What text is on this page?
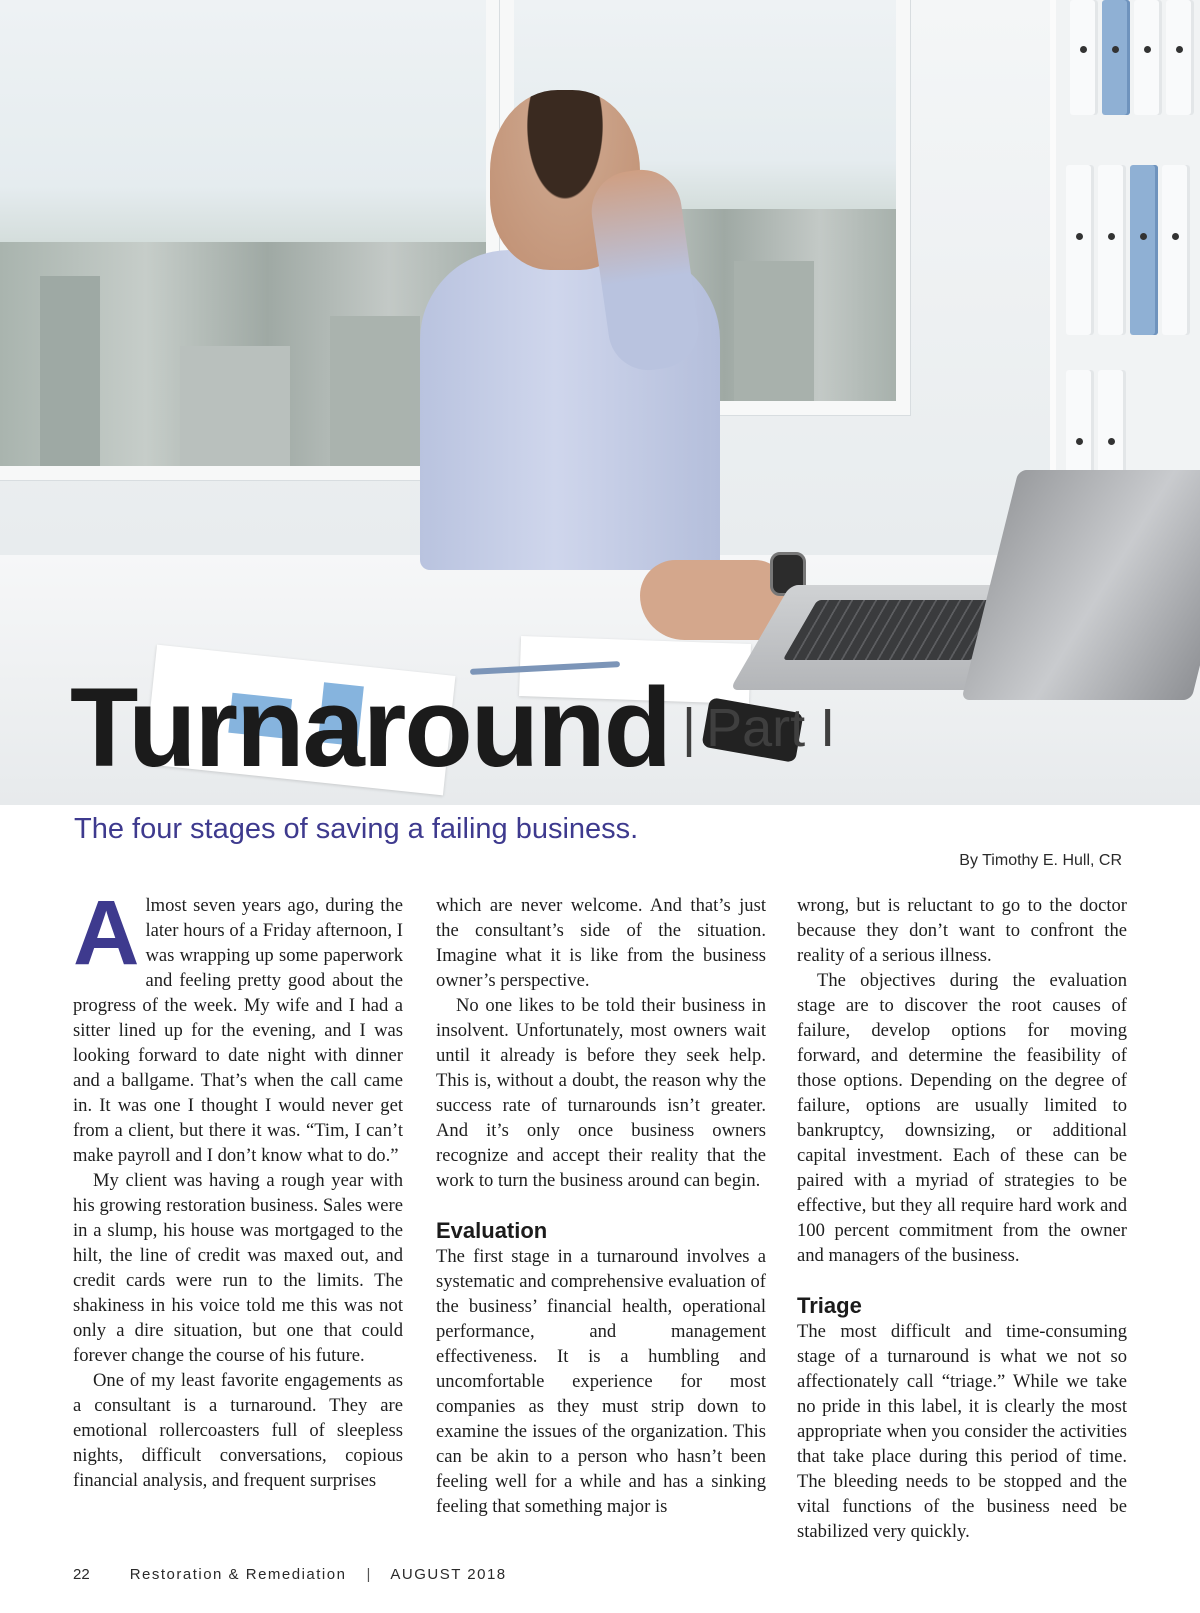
Turnaround | Part I
The four stages of saving a failing business.
By Timothy E. Hull, CR

Almost seven years ago, during the later hours of a Friday afternoon, I was wrapping up some paperwork and feeling pretty good about the progress of the week. My wife and I had a sitter lined up for the evening, and I was looking forward to date night with dinner and a ballgame. That’s when the call came in. It was one I thought I would never get from a client, but there it was. “Tim, I can’t make payroll and I don’t know what to do.”

My client was having a rough year with his growing restoration business. Sales were in a slump, his house was mortgaged to the hilt, the line of credit was maxed out, and credit cards were run to the limits. The shakiness in his voice told me this was not only a dire situation, but one that could forever change the course of his future.

One of my least favorite engagements as a consultant is a turnaround. They are emotional rollercoasters full of sleepless nights, difficult conversations, copious financial analysis, and frequent surprises

which are never welcome. And that’s just the consultant’s side of the situation. Imagine what it is like from the business owner’s perspective.

No one likes to be told their business in insolvent. Unfortunately, most owners wait until it already is before they seek help. This is, without a doubt, the reason why the success rate of turnarounds isn’t greater. And it’s only once business owners recognize and accept their reality that the work to turn the business around can begin.

Evaluation

The first stage in a turnaround involves a systematic and comprehensive evaluation of the business’ financial health, operational performance, and management effectiveness. It is a humbling and uncomfortable experience for most companies as they must strip down to examine the issues of the organization. This can be akin to a person who hasn’t been feeling well for a while and has a sinking feeling that something major is

wrong, but is reluctant to go to the doctor because they don’t want to confront the reality of a serious illness.

The objectives during the evaluation stage are to discover the root causes of failure, develop options for moving forward, and determine the feasibility of those options. Depending on the degree of failure, options are usually limited to bankruptcy, downsizing, or additional capital investment. Each of these can be paired with a myriad of strategies to be effective, but they all require hard work and 100 percent commitment from the owner and managers of the business.

Triage

The most difficult and time-consuming stage of a turnaround is what we not so affectionately call “triage.” While we take no pride in this label, it is clearly the most appropriate when you consider the activities that take place during this period of time. The bleeding needs to be stopped and the vital functions of the business need be stabilized very quickly.

22	Restoration & Remediation | AUGUST 2018
